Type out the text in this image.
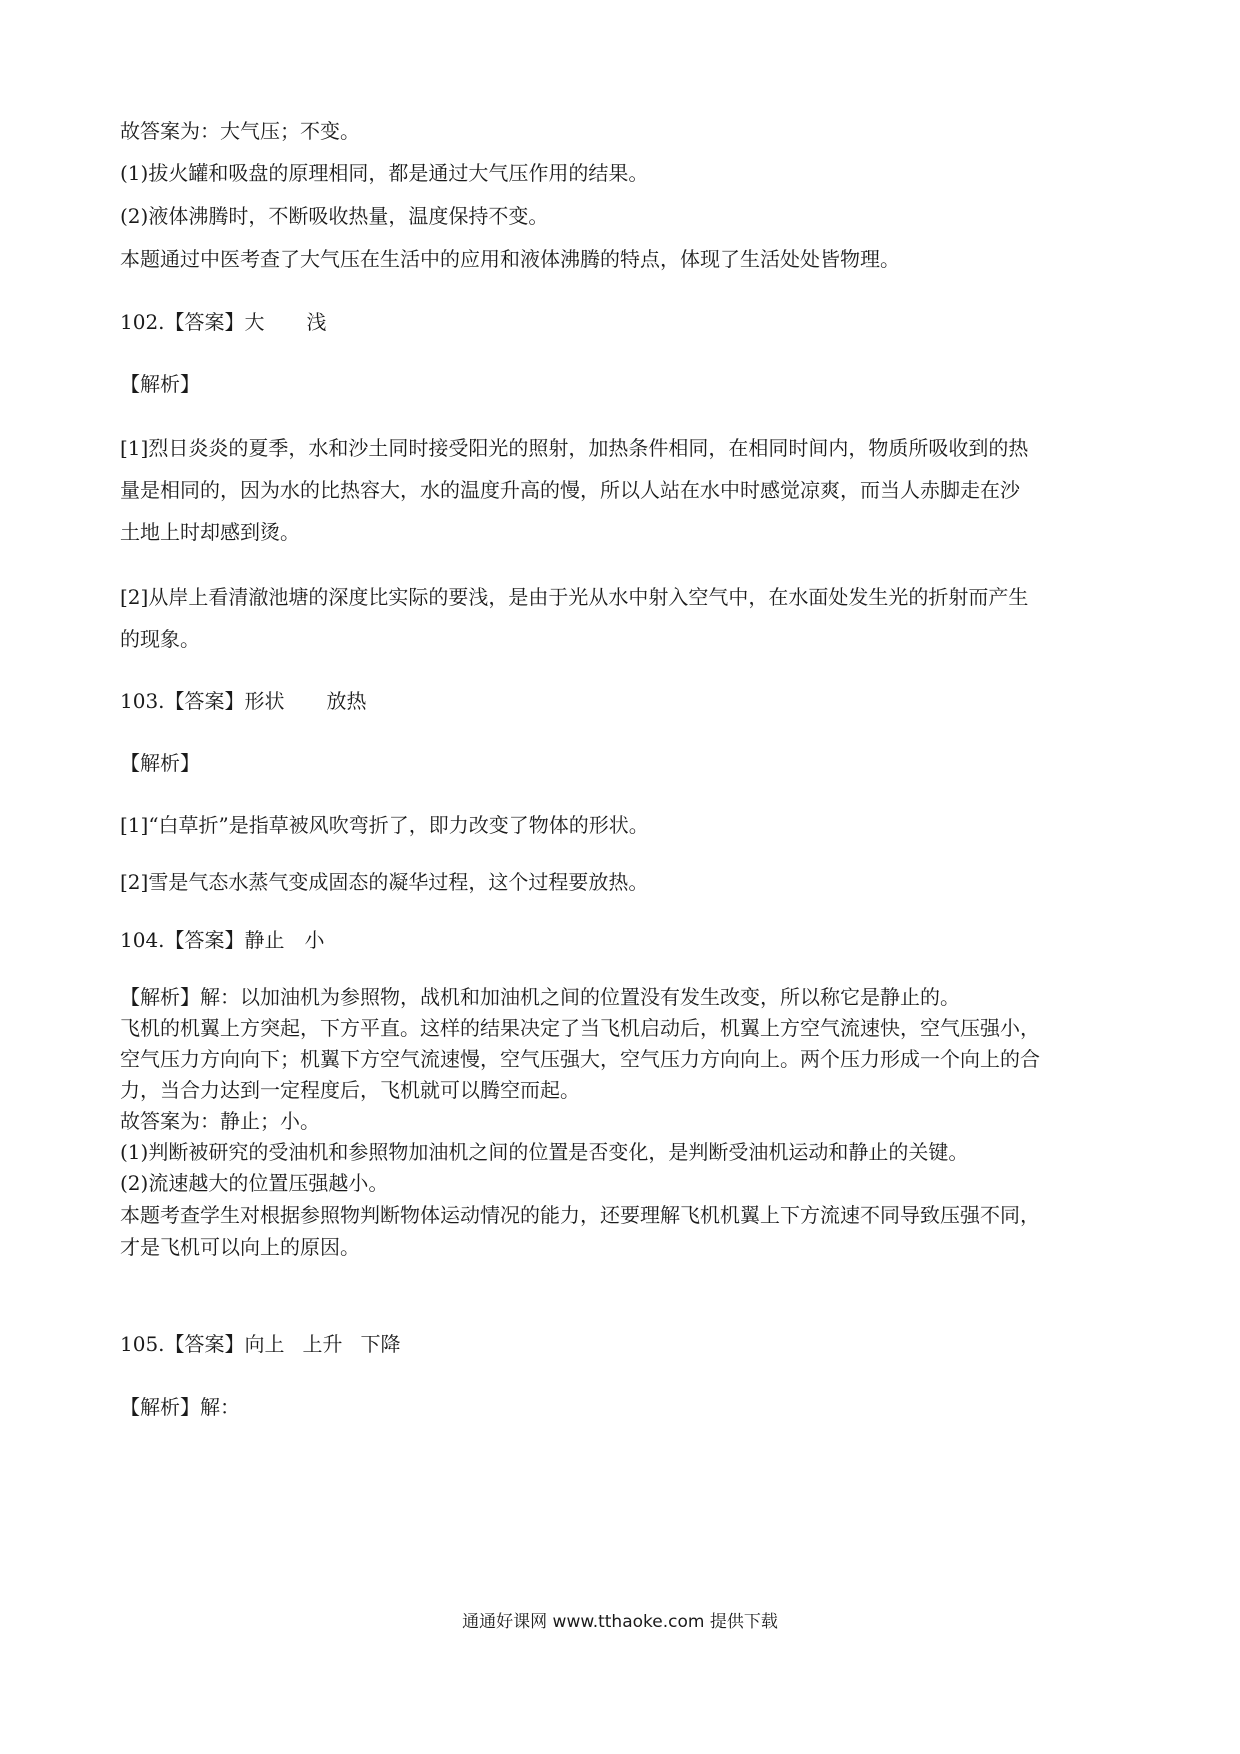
故答案为：大气压；不变。
(1)拔火罐和吸盘的原理相同，都是通过大气压作用的结果。
(2)液体沸腾时，不断吸收热量，温度保持不变。
本题通过中医考查了大气压在生活中的应用和液体沸腾的特点，体现了生活处处皆物理。
102.【答案】大 浅
【解析】
[1]烈日炎炎的夏季，水和沙土同时接受阳光的照射，加热条件相同，在相同时间内，物质所吸收到的热
量是相同的，因为水的比热容大，水的温度升高的慢，所以人站在水中时感觉凉爽，而当人赤脚走在沙
土地上时却感到烫。
[2]从岸上看清澈池塘的深度比实际的要浅，是由于光从水中射入空气中，在水面处发生光的折射而产生
的现象。
103.【答案】形状 放热
【解析】
[1]“白草折”是指草被风吹弯折了，即力改变了物体的形状。
[2]雪是气态水蒸气变成固态的凝华过程，这个过程要放热。
104.【答案】静止 小
【解析】解：以加油机为参照物，战机和加油机之间的位置没有发生改变，所以称它是静止的。
飞机的机翼上方突起，下方平直。这样的结果决定了当飞机启动后，机翼上方空气流速快，空气压强小，
空气压力方向向下；机翼下方空气流速慢，空气压强大，空气压力方向向上。两个压力形成一个向上的合
力，当合力达到一定程度后，飞机就可以腾空而起。
故答案为：静止；小。
(1)判断被研究的受油机和参照物加油机之间的位置是否变化，是判断受油机运动和静止的关键。
(2)流速越大的位置压强越小。
本题考查学生对根据参照物判断物体运动情况的能力，还要理解飞机机翼上下方流速不同导致压强不同，
才是飞机可以向上的原因。
105.【答案】向上 上升 下降
【解析】解：
通通好课网 www.tthaoke.com 提供下载
